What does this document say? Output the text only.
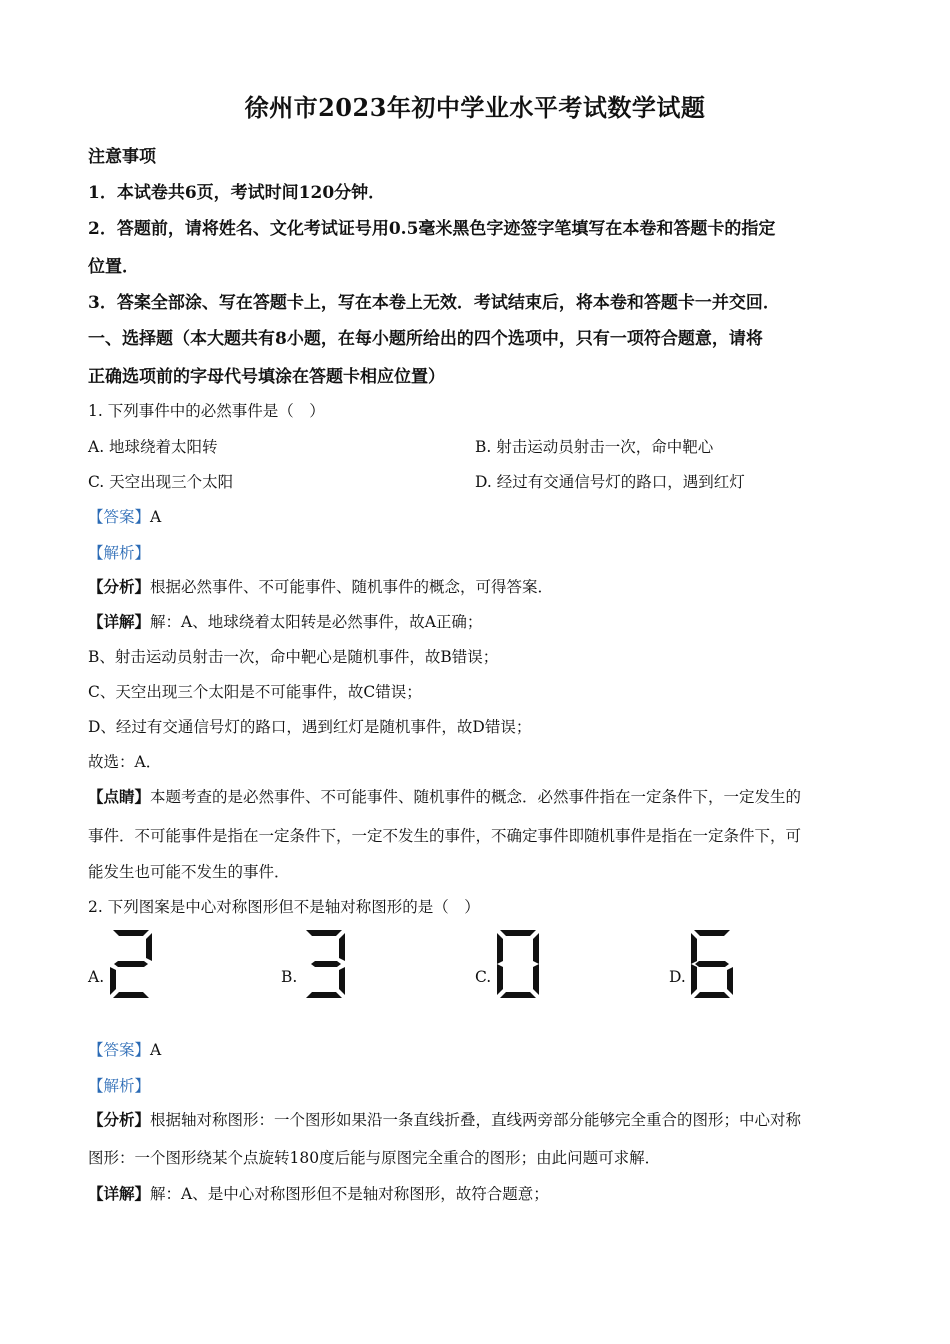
徐州市2023年初中学业水平考试数学试题
注意事项
1．本试卷共6页，考试时间120分钟．
2．答题前，请将姓名、文化考试证号用0.5毫米黑色字迹签字笔填写在本卷和答题卡的指定
位置．
3．答案全部涂、写在答题卡上，写在本卷上无效．考试结束后，将本卷和答题卡一并交回．
一、选择题（本大题共有8小题，在每小题所给出的四个选项中，只有一项符合题意，请将
正确选项前的字母代号填涂在答题卡相应位置）
1. 下列事件中的必然事件是（　）
A. 地球绕着太阳转	B. 射击运动员射击一次，命中靶心
C. 天空出现三个太阳	D. 经过有交通信号灯的路口，遇到红灯
【答案】A
【解析】
【分析】根据必然事件、不可能事件、随机事件的概念，可得答案．
【详解】解：A、地球绕着太阳转是必然事件，故A正确；
B、射击运动员射击一次，命中靶心是随机事件，故B错误；
C、天空出现三个太阳是不可能事件，故C错误；
D、经过有交通信号灯的路口，遇到红灯是随机事件，故D错误；
故选：A．
【点睛】本题考查的是必然事件、不可能事件、随机事件的概念．必然事件指在一定条件下，一定发生的
事件．不可能事件是指在一定条件下，一定不发生的事件，不确定事件即随机事件是指在一定条件下，可
能发生也可能不发生的事件．
2. 下列图案是中心对称图形但不是轴对称图形的是（　）
A.	B.	C.	D.
【答案】A
【解析】
【分析】根据轴对称图形：一个图形如果沿一条直线折叠，直线两旁部分能够完全重合的图形；中心对称
图形：一个图形绕某个点旋转180度后能与原图完全重合的图形；由此问题可求解．
【详解】解：A、是中心对称图形但不是轴对称图形，故符合题意；
